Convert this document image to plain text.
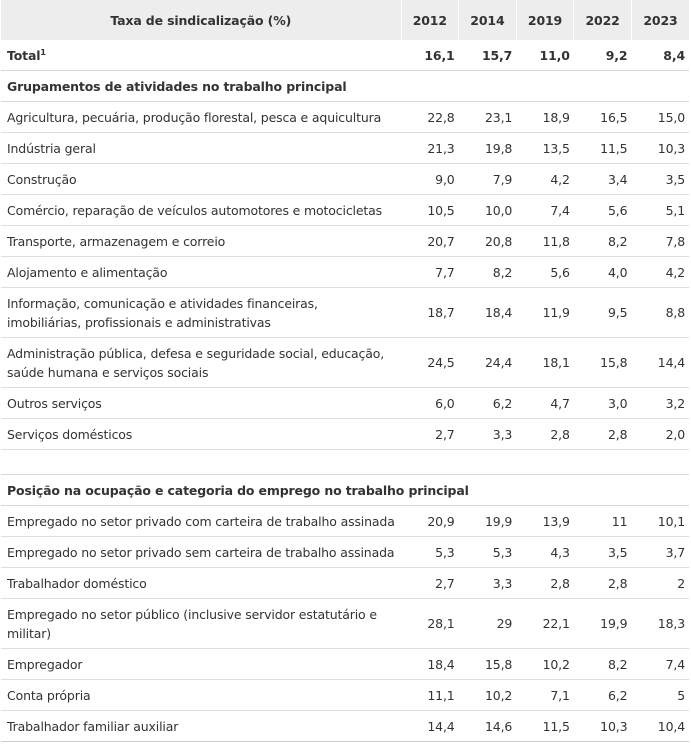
Taxa de sindicalização (%)	2012	2014	2019	2022	2023
Total$^1$	16,1	15,7	11,0	9,2	8,4
Grupamentos de atividades no trabalho principal					
Agricultura, pecuária, produção florestal, pesca e aquicultura	22,8	23,1	18,9	16,5	15,0
Indústria geral	21,3	19,8	13,5	11,5	10,3
Construção	9,0	7,9	4,2	3,4	3,5
Comércio, reparação de veículos automotores e motocicletas	10,5	10,0	7,4	5,6	5,1
Transporte, armazenagem e correio	20,7	20,8	11,8	8,2	7,8
Alojamento e alimentação	7,7	8,2	5,6	4,0	4,2
Informação, comunicação e atividades financeiras, imobiliárias, profissionais e administrativas	18,7	18,4	11,9	9,5	8,8
Administração pública, defesa e seguridade social, educação, saúde humana e serviços sociais	24,5	24,4	18,1	15,8	14,4
Outros serviços	6,0	6,2	4,7	3,0	3,2
Serviços domésticos	2,7	3,3	2,8	2,8	2,0

Posição na ocupação e categoria do emprego no trabalho principal					
Empregado no setor privado com carteira de trabalho assinada	20,9	19,9	13,9	11	10,1
Empregado no setor privado sem carteira de trabalho assinada	5,3	5,3	4,3	3,5	3,7
Trabalhador doméstico	2,7	3,3	2,8	2,8	2
Empregado no setor público (inclusive servidor estatutário e militar)	28,1	29	22,1	19,9	18,3
Empregador	18,4	15,8	10,2	8,2	7,4
Conta própria	11,1	10,2	7,1	6,2	5
Trabalhador familiar auxiliar	14,4	14,6	11,5	10,3	10,4
